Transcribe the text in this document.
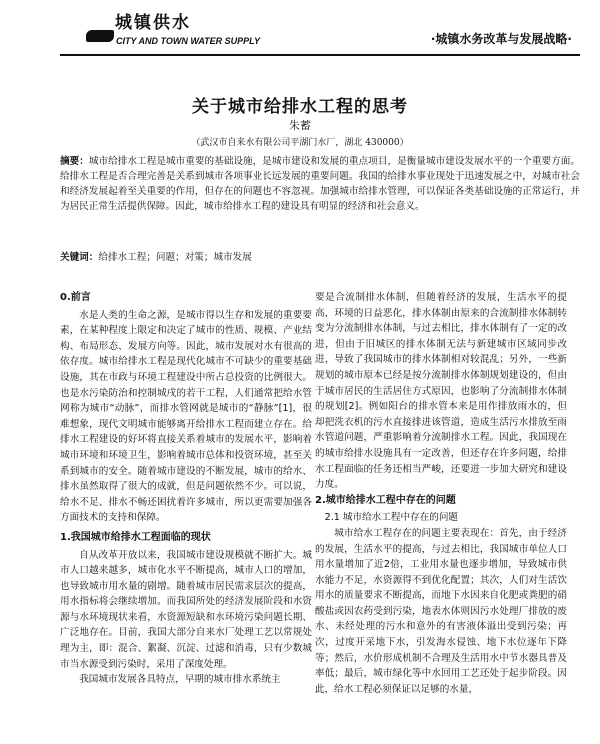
城镇供水
CITY AND TOWN WATER SUPPLY	·城镇水务改革与发展战略·
关于城市给排水工程的思考
朱蓄
（武汉市自来水有限公司平湖门水厂，湖北 430000）
摘要：城市给排水工程是城市重要的基础设施，是城市建设和发展的重点项目，是衡量城市建设发展水平的一个重要方面。给排水工程是否合理完善是关系到城市各项事业长远发展的重要问题。我国的给排水事业现处于迅速发展之中，对城市社会和经济发展起着至关重要的作用，但存在的问题也不容忽视。加强城市给排水管理，可以保证各类基础设施的正常运行，并为居民正常生活提供保障。因此，城市给排水工程的建设具有明显的经济和社会意义。
关键词：给排水工程；问题；对策；城市发展
0.前言

水是人类的生命之源，是城市得以生存和发展的重要要素，在某种程度上限定和决定了城市的性质、规模、产业结构、布局形态、发展方向等。因此，城市发展对水有很高的依存度。城市给排水工程是现代化城市不可缺少的重要基础设施，其在市政与环境工程建设中所占总投资的比例很大。也是水污染防治和控制城戌的若干工程，人们通常把给水管网称为城市“动脉”，而排水管网就是城市的“静脉”[1]，很难想象，现代文明城市能够离开给排水工程而建立存在。给排水工程建设的好坏将直接关系着城市的发展水平，影响着城市环境和环境卫生，影响着城市总体和投资环境，甚至关系到城市的安全。随着城市建设的不断发展，城市的给水、排水虽然取得了很大的成就，但是问题依然不少。可以说，给水不足、排水不畅还困扰着许多城市，所以更需要加强各方面技术的支持和保障。

1.我国城市给排水工程面临的现状

自从改革开放以来，我国城市建设规模就不断扩大。城市人口越来越多，城市化水平不断提高，城市人口的增加，也导致城市用水量的剧增。随着城市居民需求层次的提高，用水指标将会继续增加。而我国所处的经济发展阶段和水资源与水环境现状来看，水资源短缺和水环境污染问题长期、广泛地存在。目前，我国大部分自来水厂处理工艺以常规处理为主，即：混合、絮凝、沉淀、过滤和消毒，只有少数城市当水源受到污染时，采用了深度处理。

我国城市发展各具特点，早期的城市排水系统主

要是合流制排水体制，但随着经济的发展，生活水平的提高，环境的日益恶化，排水体制由原来的合流制排水体制转变为分流制排水体制，与过去相比，排水体制有了一定的改进，但由于旧城区的排水体制无法与新建城市区域同步改进，导致了我国城市的排水体制相对较混乱；另外，一些新规划的城市原本已经是按分流制排水体制规划建设的，但由于城市居民的生活居住方式原因，也影响了分流制排水体制的规划[2]。例如阳台的排水管本来是用作排放雨水的，但却把洗衣机的污水直接排进该管道，造成生活污水排放至雨水管道问题，严重影响着分流制排水工程。因此，我国现在的城市给排水设施具有一定改善，但还存在许多问题，给排水工程面临的任务还相当严峻，还要进一步加大研究和建设力度。

2.城市给排水工程中存在的问题
2.1 城市给水工程中存在的问题

城市给水工程存在的问题主要表现在：首先，由于经济的发展，生活水平的提高，与过去相比，我国城市单位人口用水量增加了近2倍，工业用水量也逐步增加，导致城市供水能力不足，水资源得不到优化配置；其次，人们对生活饮用水的质量要求不断提高，而地下水因来自化肥或粪肥的硝酸盐或因农药受到污染，地表水体则因污水处理厂排放的废水、未经处理的污水和意外的有害液体溢出受到污染；再次，过度开采地下水，引发海水侵蚀、地下水位逐年下降等；然后，水价形成机制不合理及生活用水中节水器具普及率低；最后，城市绿化等中水回用工艺还处于起步阶段。因此，给水工程必须保证以足够的水量，
